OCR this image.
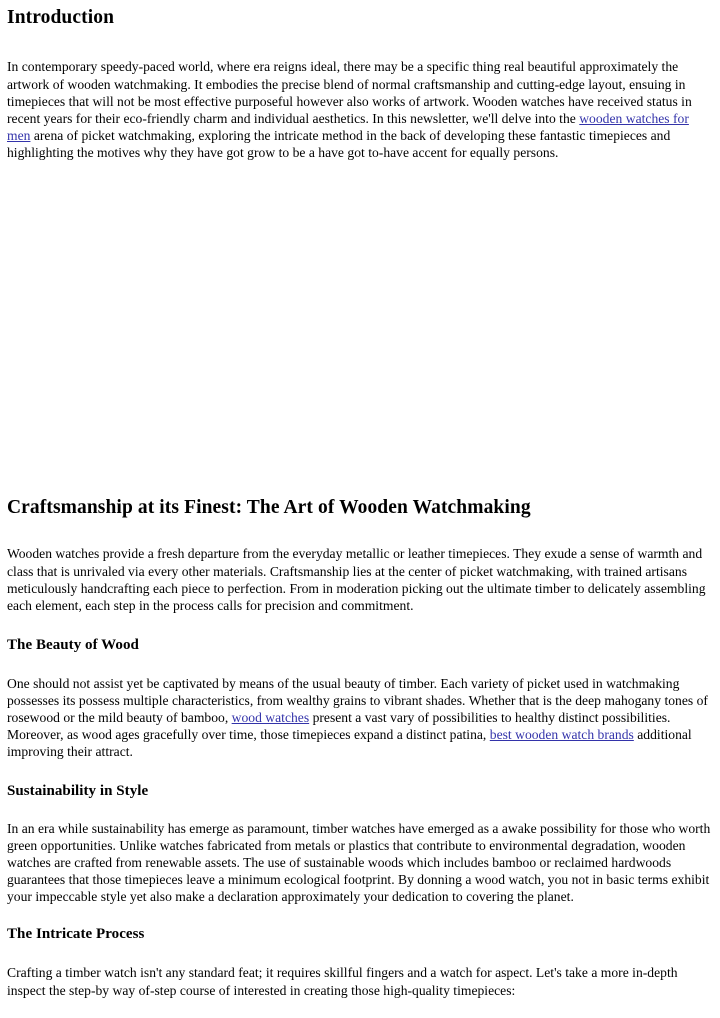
Introduction

In contemporary speedy-paced world, where era reigns ideal, there may be a specific thing real beautiful approximately the artwork of wooden watchmaking. It embodies the precise blend of normal craftsmanship and cutting-edge layout, ensuing in timepieces that will not be most effective purposeful however also works of artwork. Wooden watches have received status in recent years for their eco-friendly charm and individual aesthetics. In this newsletter, we'll delve into the wooden watches for men arena of picket watchmaking, exploring the intricate method in the back of developing these fantastic timepieces and highlighting the motives why they have got grow to be a have got to-have accent for equally persons.

Craftsmanship at its Finest: The Art of Wooden Watchmaking

Wooden watches provide a fresh departure from the everyday metallic or leather timepieces. They exude a sense of warmth and class that is unrivaled via every other materials. Craftsmanship lies at the center of picket watchmaking, with trained artisans meticulously handcrafting each piece to perfection. From in moderation picking out the ultimate timber to delicately assembling each element, each step in the process calls for precision and commitment.

The Beauty of Wood

One should not assist yet be captivated by means of the usual beauty of timber. Each variety of picket used in watchmaking possesses its possess multiple characteristics, from wealthy grains to vibrant shades. Whether that is the deep mahogany tones of rosewood or the mild beauty of bamboo, wood watches present a vast vary of possibilities to healthy distinct possibilities. Moreover, as wood ages gracefully over time, those timepieces expand a distinct patina, best wooden watch brands additional improving their attract.

Sustainability in Style

In an era while sustainability has emerge as paramount, timber watches have emerged as a awake possibility for those who worth green opportunities. Unlike watches fabricated from metals or plastics that contribute to environmental degradation, wooden watches are crafted from renewable assets. The use of sustainable woods which includes bamboo or reclaimed hardwoods guarantees that those timepieces leave a minimum ecological footprint. By donning a wood watch, you not in basic terms exhibit your impeccable style yet also make a declaration approximately your dedication to covering the planet.

The Intricate Process

Crafting a timber watch isn't any standard feat; it requires skillful fingers and a watch for aspect. Let's take a more in-depth inspect the step-by way of-step course of interested in creating those high-quality timepieces:
